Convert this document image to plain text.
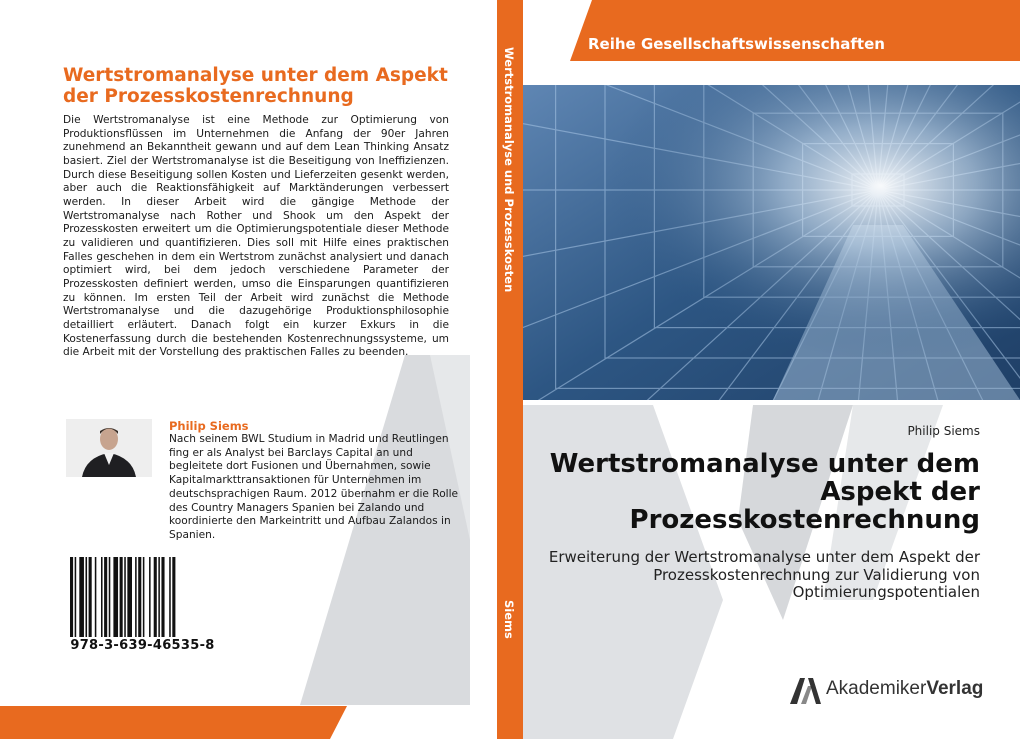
Wertstromanalyse unter dem Aspekt der Prozesskostenrechnung

Die Wertstromanalyse ist eine Methode zur Optimierung von Produktionsflüssen im Unternehmen die Anfang der 90er Jahren zunehmend an Bekanntheit gewann und auf dem Lean Thinking Ansatz basiert. Ziel der Wertstromanalyse ist die Beseitigung von Ineffizienzen. Durch diese Beseitigung sollen Kosten und Lieferzeiten gesenkt werden, aber auch die Reaktionsfähigkeit auf Marktänderungen verbessert werden. In dieser Arbeit wird die gängige Methode der Wertstromanalyse nach Rother und Shook um den Aspekt der Prozesskosten erweitert um die Optimierungspotentiale dieser Methode zu validieren und quantifizieren. Dies soll mit Hilfe eines praktischen Falles geschehen in dem ein Wertstrom zunächst analysiert und danach optimiert wird, bei dem jedoch verschiedene Parameter der Prozesskosten definiert werden, umso die Einsparungen quantifizieren zu können. Im ersten Teil der Arbeit wird zunächst die Methode Wertstromanalyse und die dazugehörige Produktionsphilosophie detailliert erläutert. Danach folgt ein kurzer Exkurs in die Kostenerfassung durch die bestehenden Kostenrechnungssysteme, um die Arbeit mit der Vorstellung des praktischen Falles zu beenden.

Philip Siems

Nach seinem BWL Studium in Madrid und Reutlingen fing er als Analyst bei Barclays Capital an und begleitete dort Fusionen und Übernahmen, sowie Kapitalmarkttransaktionen für Unternehmen im deutschsprachigen Raum. 2012 übernahm er die Rolle des Country Managers Spanien bei Zalando und koordinierte den Markeintritt und Aufbau Zalandos in Spanien.

978-3-639-46535-8
Wertstromanalyse und Prozesskosten
Siems
Reihe Gesellschaftswissenschaften
Philip Siems
Wertstromanalyse unter dem Aspekt der Prozesskostenrechnung

Erweiterung der Wertstromanalyse unter dem Aspekt der Prozesskostenrechnung zur Validierung von Optimierungspotentialen

AkademikerVerlag
